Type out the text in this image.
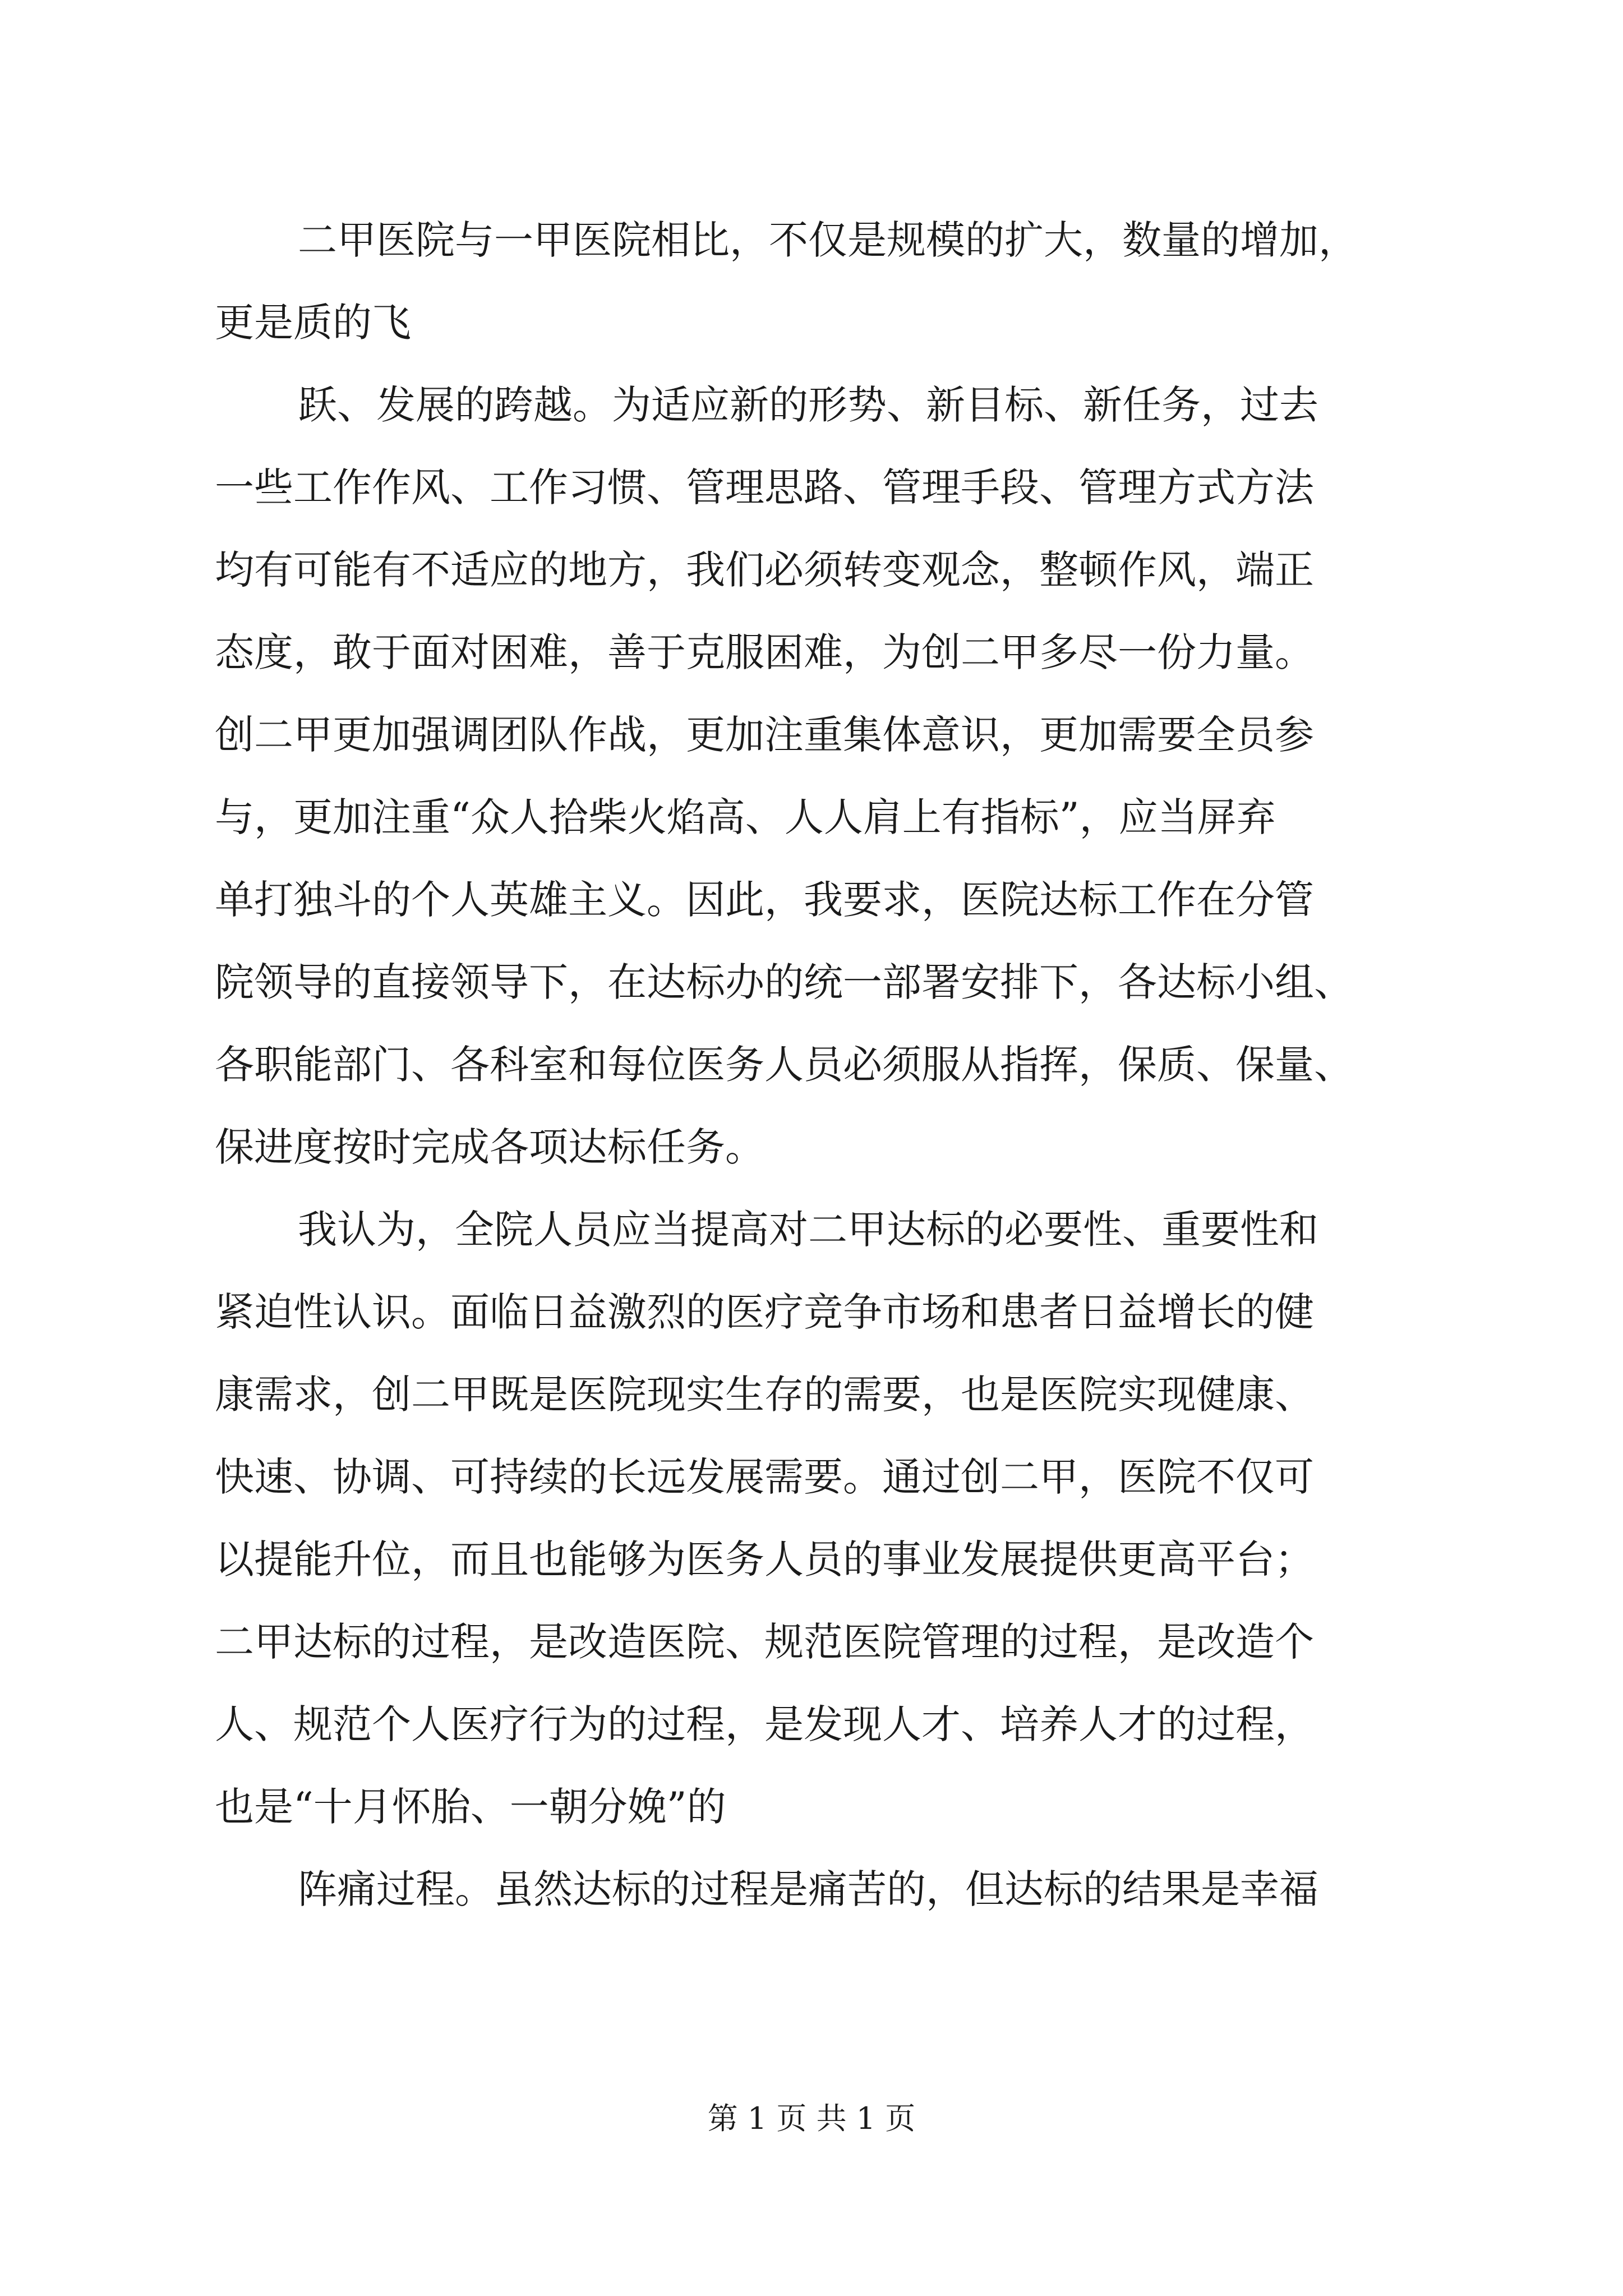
二甲医院与一甲医院相比，不仅是规模的扩大，数量的增加，
更是质的飞
跃、发展的跨越。为适应新的形势、新目标、新任务，过去
一些工作作风、工作习惯、管理思路、管理手段、管理方式方法
均有可能有不适应的地方，我们必须转变观念，整顿作风，端正
态度，敢于面对困难，善于克服困难，为创二甲多尽一份力量。
创二甲更加强调团队作战，更加注重集体意识，更加需要全员参
与，更加注重“众人拾柴火焰高、人人肩上有指标”，应当屏弃
单打独斗的个人英雄主义。因此，我要求，医院达标工作在分管
院领导的直接领导下，在达标办的统一部署安排下，各达标小组、
各职能部门、各科室和每位医务人员必须服从指挥，保质、保量、
保进度按时完成各项达标任务。
我认为，全院人员应当提高对二甲达标的必要性、重要性和
紧迫性认识。面临日益激烈的医疗竞争市场和患者日益增长的健
康需求，创二甲既是医院现实生存的需要，也是医院实现健康、
快速、协调、可持续的长远发展需要。通过创二甲，医院不仅可
以提能升位，而且也能够为医务人员的事业发展提供更高平台；
二甲达标的过程，是改造医院、规范医院管理的过程，是改造个
人、规范个人医疗行为的过程，是发现人才、培养人才的过程，
也是“十月怀胎、一朝分娩”的
阵痛过程。虽然达标的过程是痛苦的，但达标的结果是幸福
第 1 页 共 1 页
